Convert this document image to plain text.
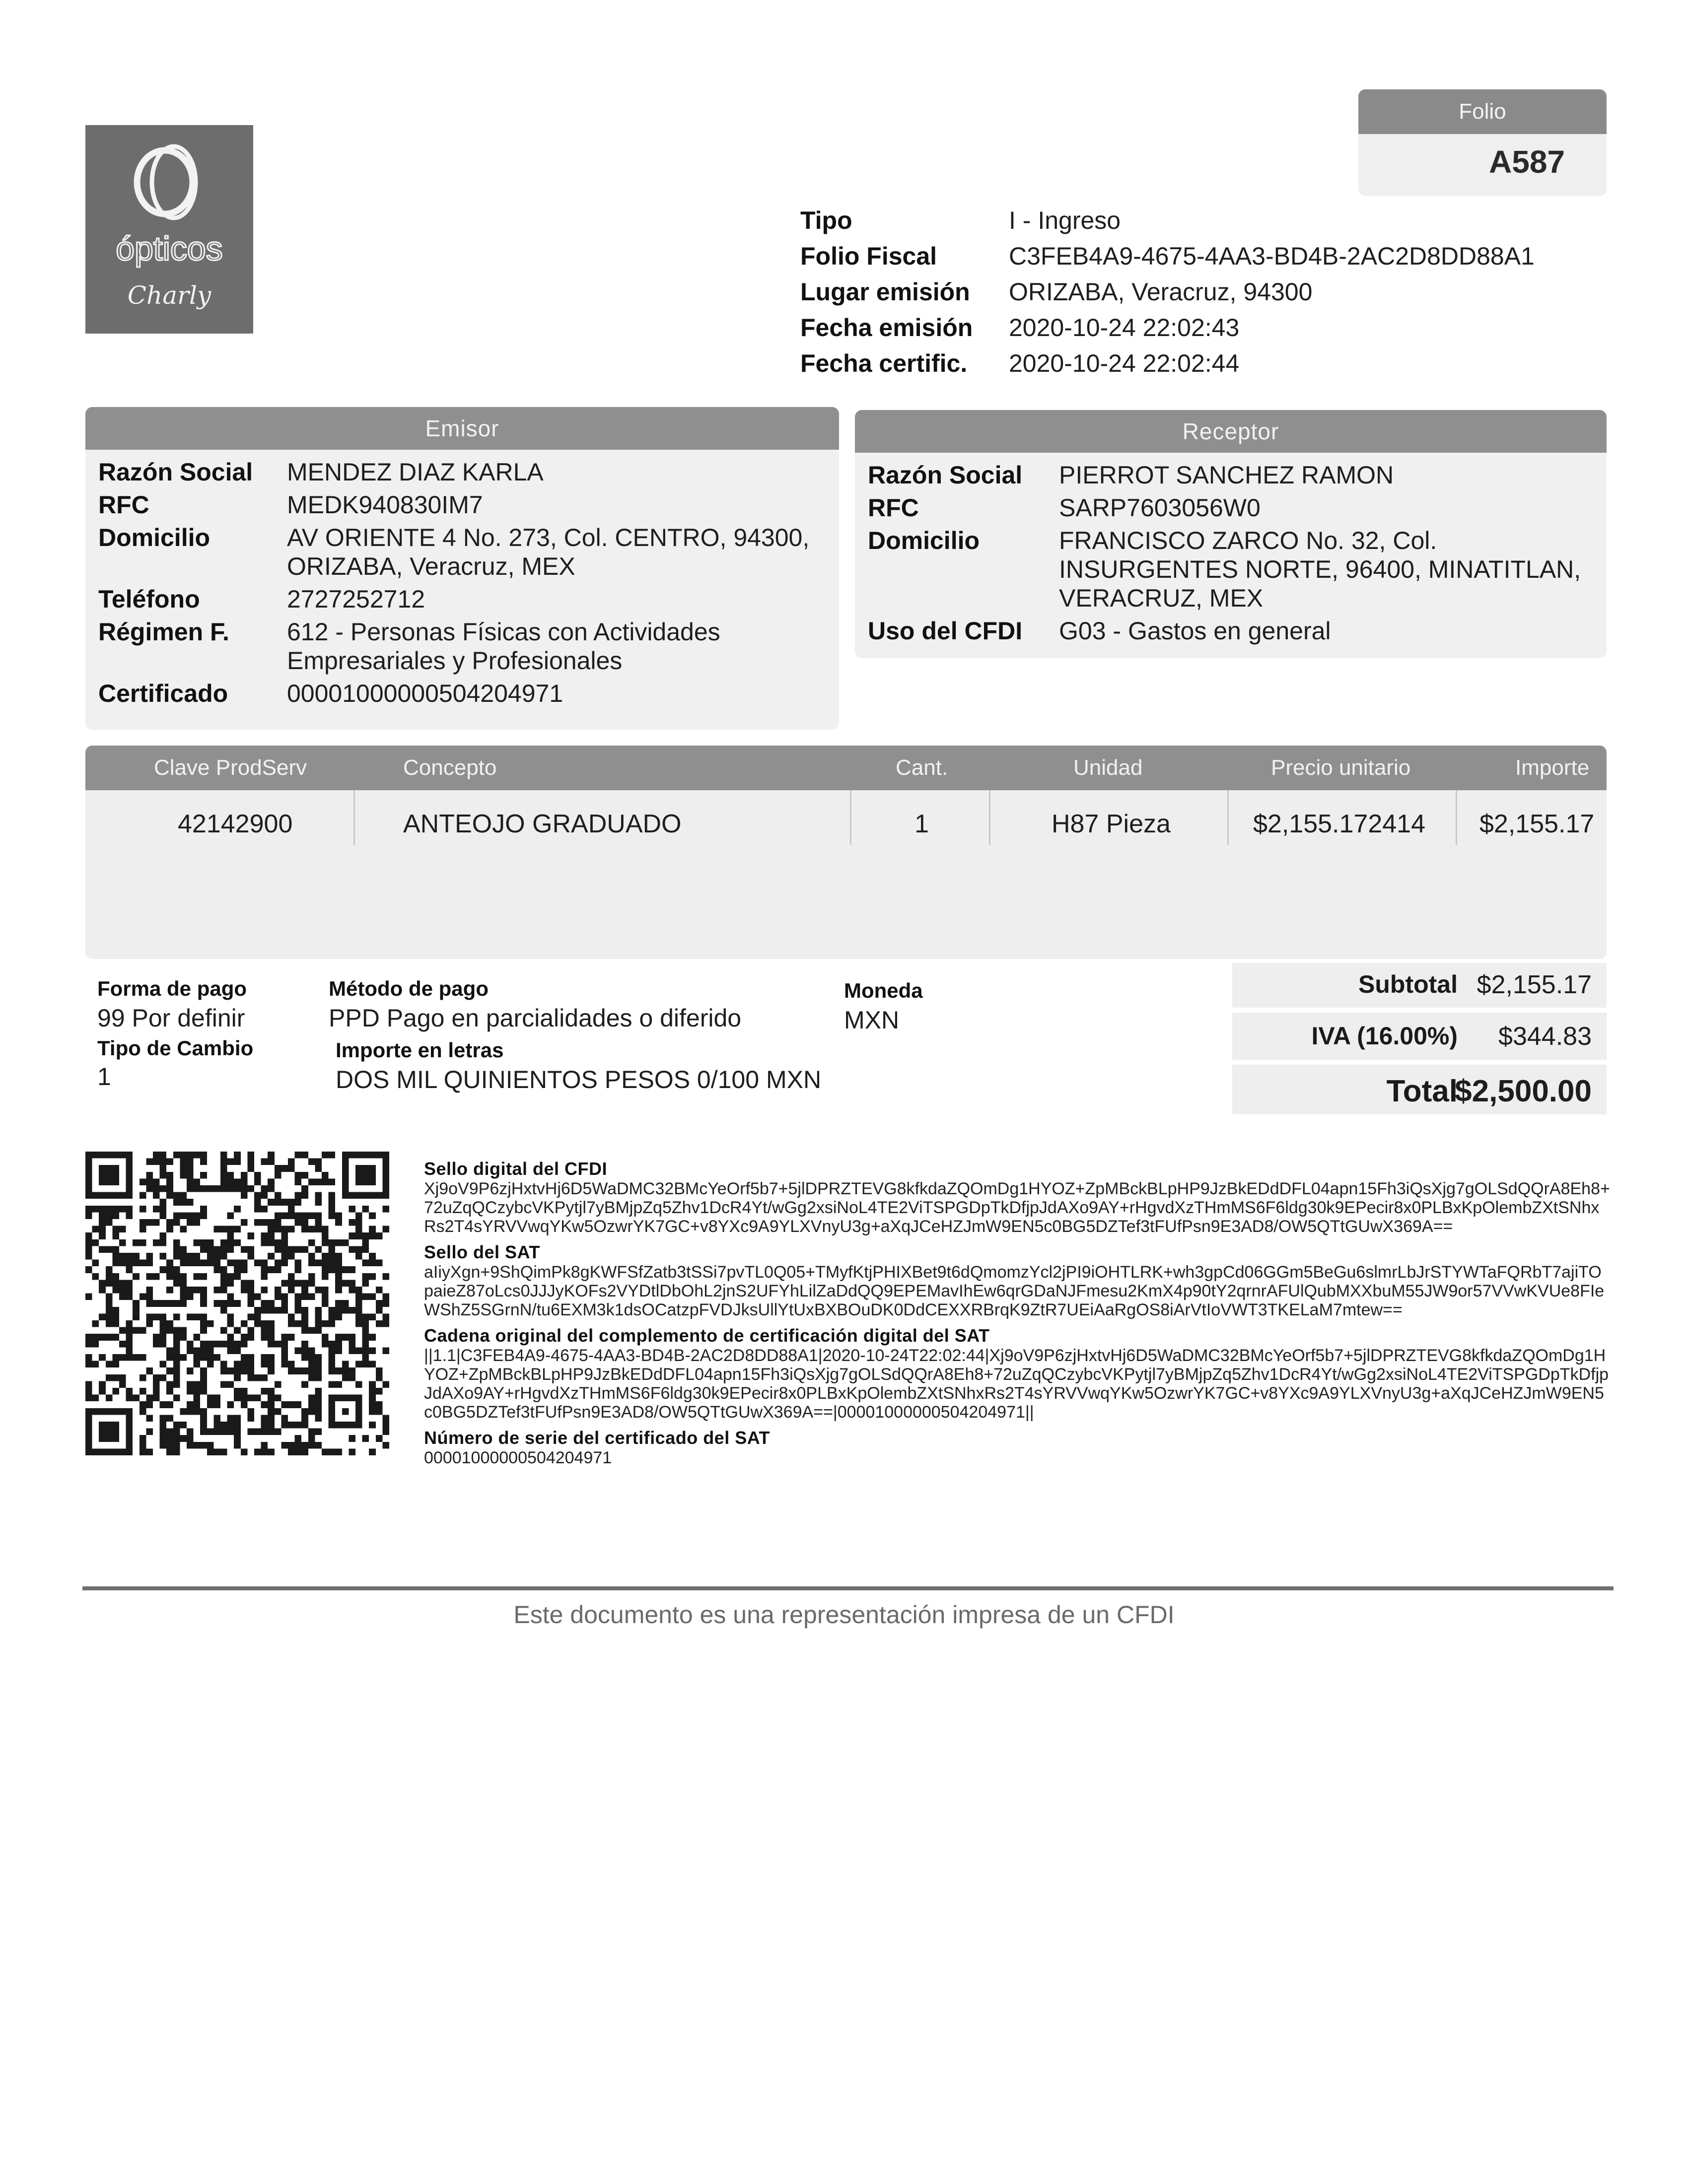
ópticos
Charly
Folio
A587
Tipo	I - Ingreso
Folio Fiscal	C3FEB4A9-4675-4AA3-BD4B-2AC2D8DD88A1
Lugar emisión	ORIZABA, Veracruz, 94300
Fecha emisión	2020-10-24 22:02:43
Fecha certific.	2020-10-24 22:02:44
Emisor
Razón Social	MENDEZ DIAZ KARLA
RFC	MEDK940830IM7
Domicilio	AV ORIENTE 4 No. 273, Col. CENTRO, 94300,
ORIZABA, Veracruz, MEX
Teléfono	2727252712
Régimen F.	612 - Personas Físicas con Actividades
Empresariales y Profesionales
Certificado	00001000000504204971
Receptor
Razón Social	PIERROT SANCHEZ RAMON
RFC	SARP7603056W0
Domicilio	FRANCISCO ZARCO No. 32, Col.
INSURGENTES NORTE, 96400, MINATITLAN,
VERACRUZ, MEX
Uso del CFDI	G03 - Gastos en general
Clave ProdServ	Concepto	Cant.	Unidad	Precio unitario	Importe
42142900	ANTEOJO GRADUADO	1	H87 Pieza	$2,155.172414 $2,155.17
Forma de pago
99 Por definir
Método de pago
PPD Pago en parcialidades o diferido
Moneda
MXN
Tipo de Cambio
1
Importe en letras
DOS MIL QUINIENTOS PESOS 0/100 MXN
Subtotal $2,155.17
IVA (16.00%) $344.83
Total
$2,500.00
Sello digital del CFDI
Xj9oV9P6zjHxtvHj6D5WaDMC32BMcYeOrf5b7+5jlDPRZTEVG8kfkdaZQOmDg1HYOZ+ZpMBckBLpHP9JzBkEDdDFL04apn15Fh3iQsXjg7gOLSdQQrA8Eh8+72uZqQCzybcVKPytjl7yBMjpZq5Zhv1DcR4Yt/wGg2xsiNoL4TE2ViTSPGDpTkDfjpJdAXo9AY+rHgvdXzTHmMS6F6ldg30k9EPecir8x0PLBxKpOlembZXtSNhxRs2T4sYRVVwqYKw5OzwrYK7GC+v8YXc9A9YLXVnyU3g+aXqJCeHZJmW9EN5c0BG5DZTef3tFUfPsn9E3AD8/OW5QTtGUwX369A==
Sello del SAT
aIiyXgn+9ShQimPk8gKWFSfZatb3tSSi7pvTL0Q05+TMyfKtjPHIXBet9t6dQmomzYcl2jPI9iOHTLRK+wh3gpCd06GGm5BeGu6slmrLbJrSTYWTaFQRbT7ajiTOpaieZ87oLcs0JJJyKOFs2VYDtlDbOhL2jnS2UFYhLilZaDdQQ9EPEMavIhEw6qrGDaNJFmesu2KmX4p90tY2qrnrAFUlQubMXXbuM55JW9or57VVwKVUe8FIeWShZ5SGrnN/tu6EXM3k1dsOCatzpFVDJksUllYtUxBXBOuDK0DdCEXXRBrqK9ZtR7UEiAaRgOS8iArVtIoVWT3TKELaM7mtew==
Cadena original del complemento de certificación digital del SAT
||1.1|C3FEB4A9-4675-4AA3-BD4B-2AC2D8DD88A1|2020-10-24T22:02:44|Xj9oV9P6zjHxtvHj6D5WaDMC32BMcYeOrf5b7+5jlDPRZTEVG8kfkdaZQOmDg1HYOZ+ZpMBckBLpHP9JzBkEDdDFL04apn15Fh3iQsXjg7gOLSdQQrA8Eh8+72uZqQCzybcVKPytjl7yBMjpZq5Zhv1DcR4Yt/wGg2xsiNoL4TE2ViTSPGDpTkDfjpJdAXo9AY+rHgvdXzTHmMS6F6ldg30k9EPecir8x0PLBxKpOlembZXtSNhxRs2T4sYRVVwqYKw5OzwrYK7GC+v8YXc9A9YLXVnyU3g+aXqJCeHZJmW9EN5c0BG5DZTef3tFUfPsn9E3AD8/OW5QTtGUwX369A==|00001000000504204971||
Número de serie del certificado del SAT
00001000000504204971
Este documento es una representación impresa de un CFDI
